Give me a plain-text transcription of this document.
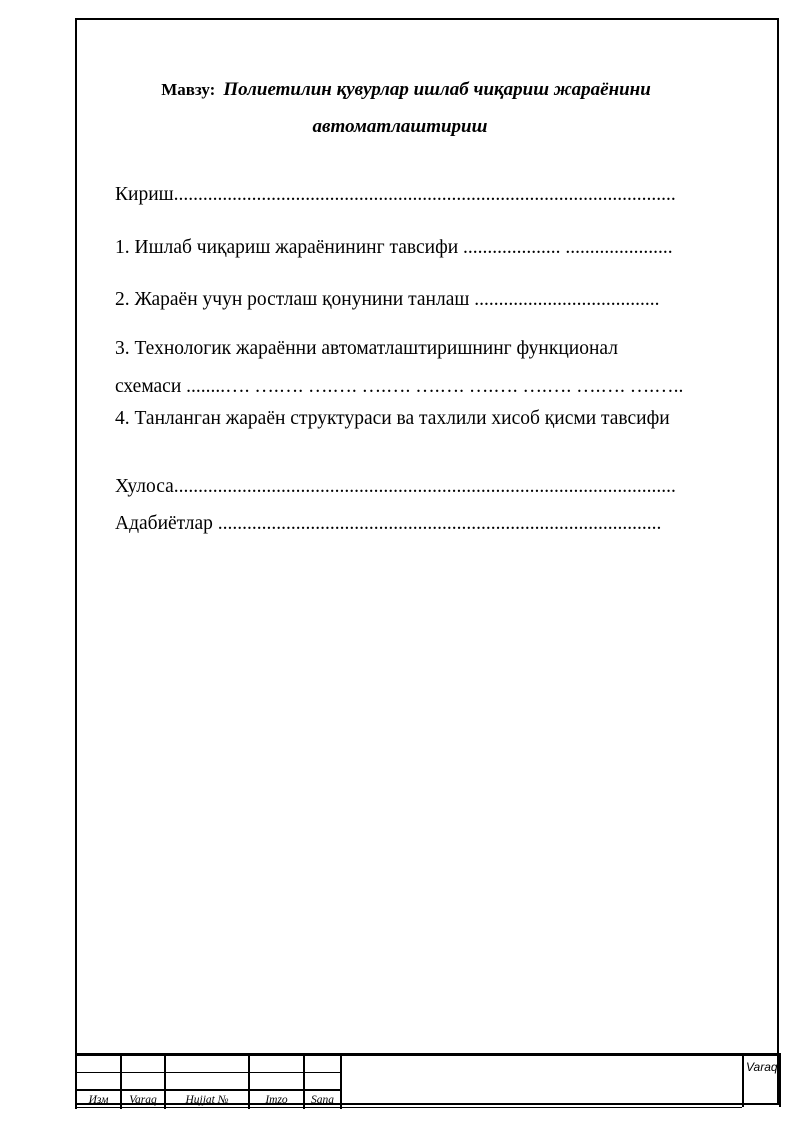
Мавзу: Полиетилин қувурлар ишлаб чиқариш жараёнини
автоматлаштириш
Кириш.......................................................................................................
1. Ишлаб чиқариш жараёнининг тавсифи .................... ......................
2. Жараён учун ростлаш қонунини танлаш ......................................
3. Технологик жараённи автоматлаштиришнинг функционал
схемаси ........…. ….…. ….…. ….…. ….…. ….…. ….…. ….…. ….…..
4. Танланган жараён структураси ва тахлили хисоб қисми тавсифи
Хулоса.......................................................................................................
Адабиётлар ...........................................................................................
Изм	Varaq	Hujjat №	Imzo	Sana
Varaq
